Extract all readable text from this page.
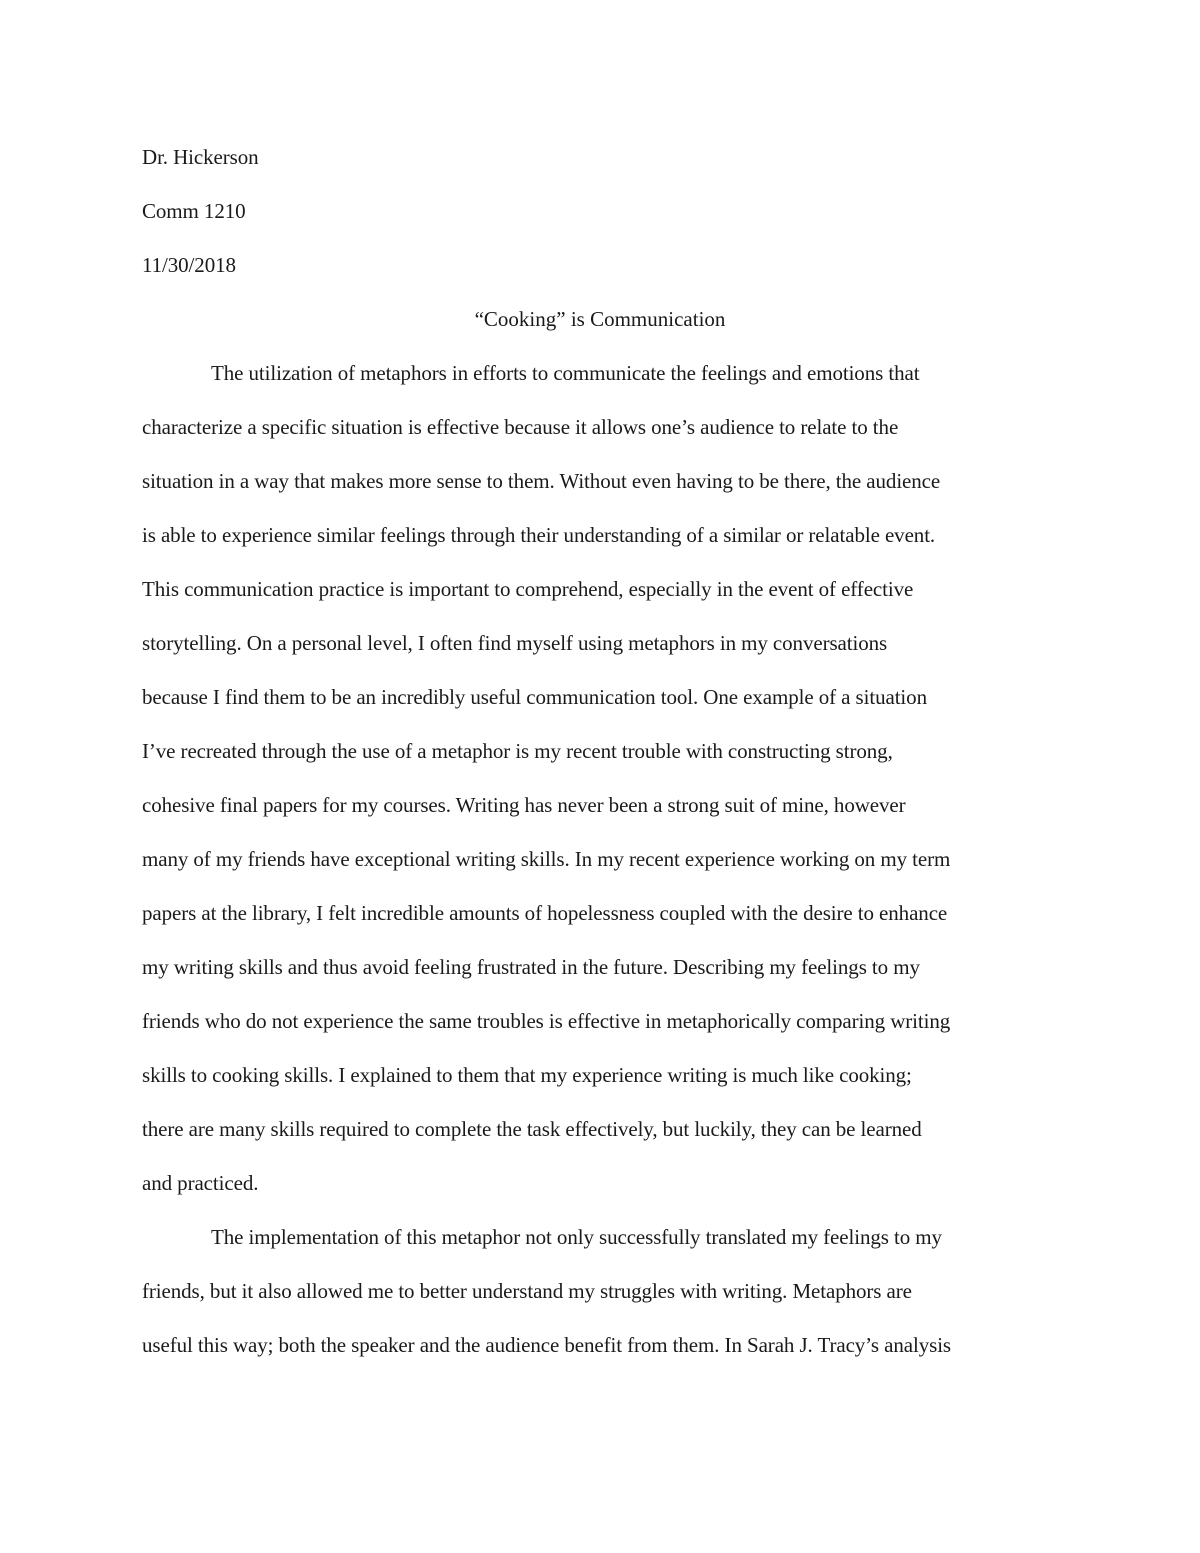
Dr. Hickerson
Comm 1210
11/30/2018
“Cooking” is Communication
The utilization of metaphors in efforts to communicate the feelings and emotions that
characterize a specific situation is effective because it allows one’s audience to relate to the
situation in a way that makes more sense to them. Without even having to be there, the audience
is able to experience similar feelings through their understanding of a similar or relatable event.
This communication practice is important to comprehend, especially in the event of effective
storytelling. On a personal level, I often find myself using metaphors in my conversations
because I find them to be an incredibly useful communication tool. One example of a situation
I’ve recreated through the use of a metaphor is my recent trouble with constructing strong,
cohesive final papers for my courses. Writing has never been a strong suit of mine, however
many of my friends have exceptional writing skills. In my recent experience working on my term
papers at the library, I felt incredible amounts of hopelessness coupled with the desire to enhance
my writing skills and thus avoid feeling frustrated in the future. Describing my feelings to my
friends who do not experience the same troubles is effective in metaphorically comparing writing
skills to cooking skills. I explained to them that my experience writing is much like cooking;
there are many skills required to complete the task effectively, but luckily, they can be learned
and practiced.
The implementation of this metaphor not only successfully translated my feelings to my
friends, but it also allowed me to better understand my struggles with writing. Metaphors are
useful this way; both the speaker and the audience benefit from them. In Sarah J. Tracy’s analysis
